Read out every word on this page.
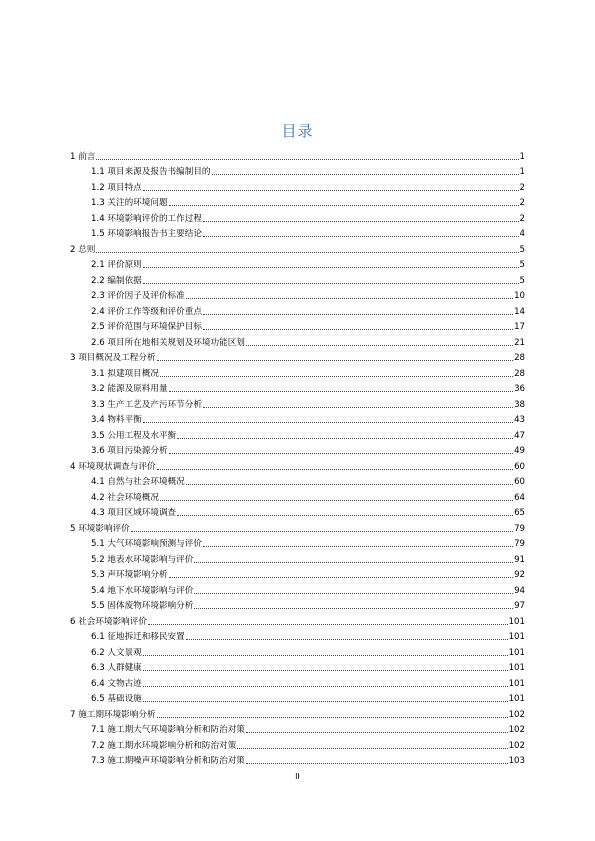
目录
1 前言	1
1.1 项目来源及报告书编制目的	1
1.2 项目特点	2
1.3 关注的环境问题	2
1.4 环境影响评价的工作过程	2
1.5 环境影响报告书主要结论	4
2 总则	5
2.1 评价原则	5
2.2 编制依据	5
2.3 评价因子及评价标准	10
2.4 评价工作等级和评价重点	14
2.5 评价范围与环境保护目标	17
2.6 项目所在地相关规划及环境功能区划	21
3 项目概况及工程分析	28
3.1 拟建项目概况	28
3.2 能源及原料用量	36
3.3 生产工艺及产污环节分析	38
3.4 物料平衡	43
3.5 公用工程及水平衡	47
3.6 项目污染源分析	49
4 环境现状调查与评价	60
4.1 自然与社会环境概况	60
4.2 社会环境概况	64
4.3 项目区域环境调查	65
5 环境影响评价	79
5.1 大气环境影响预测与评价	79
5.2 地表水环境影响与评价	91
5.3 声环境影响分析	92
5.4 地下水环境影响与评价	94
5.5 固体废物环境影响分析	97
6 社会环境影响评价	101
6.1 征地拆迁和移民安置	101
6.2 人文景观	101
6.3 人群健康	101
6.4 文物古迹	101
6.5 基础设施	101
7 施工期环境影响分析	102
7.1 施工期大气环境影响分析和防治对策	102
7.2 施工期水环境影响分析和防治对策	102
7.3 施工期噪声环境影响分析和防治对策	103
II
